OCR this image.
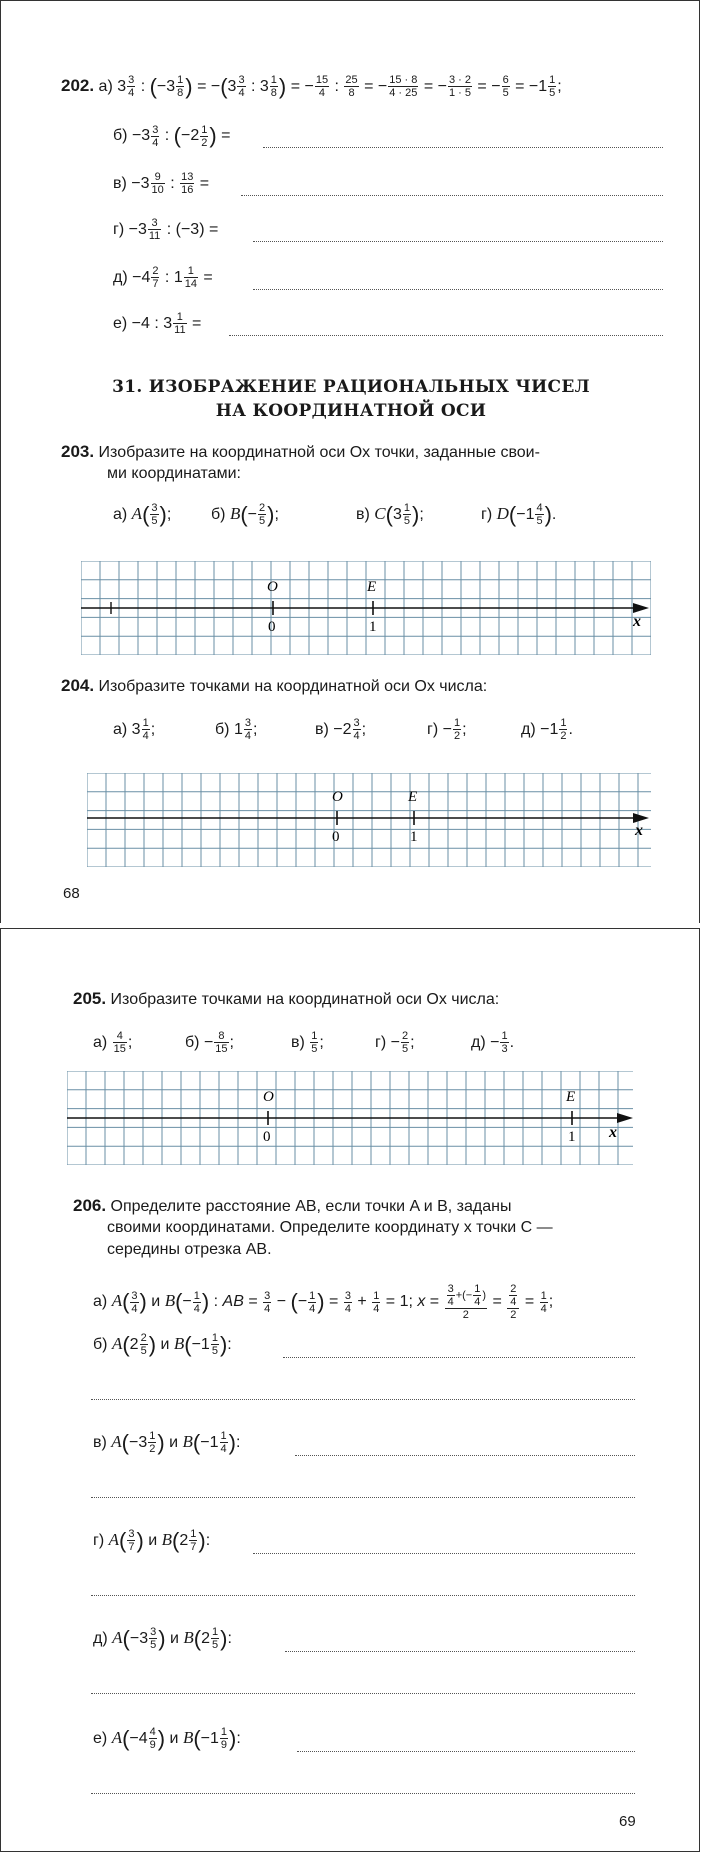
202. а) $3 \frac{3}{4}$ : ($-3 \frac{1}{8}$ ) = $-(3 \frac{3}{4}$ : $3 \frac{1}{8}$ ) = − $\frac{15}{4}$ : $\frac{25}{8}$ = − $\frac{15 \cdot 8}{4 \cdot 25}$ = − $\frac{3 \cdot 2}{1 \cdot 5}$ = − $\frac{6}{5} = -1 \frac{1}{5}$ ;
$б) -3 \frac{3}{4}$ : ($-2 \frac{1}{2}$ ) =
$в) -3 \frac{9}{10}$ : $\frac{13}{16}$ =
$г) -3 \frac{3}{11}$ : (−3) =
$д) -4 \frac{2}{7}$ : $1 \frac{1}{14}$ =
е) −4 : $3 \frac{1}{11}$ =
31. ИЗОБРАЖЕНИЕ РАЦИОНАЛЬНЫХ ЧИСЕЛ
НА КООРДИНАТНОЙ ОСИ
203. Изобразите на координатной оси Ox точки, заданные свои-
ми координатами:
а) $A( \frac{3}{5}$ ); б) $B(- \frac{2}{5}$ );	в) $C(3 \frac{1}{5}$ );	г) $D(-1 \frac{4}{5}$ ).
O
0
E
1	x
204. Изобразите точками на координатной оси Ox числа:
а) $3 \frac{1}{4}$ ;	б) $1 \frac{3}{4}$ ;	$в) -2 \frac{3}{4}$ ;	$г) - \frac{1}{2}$ ;	$д) -1 \frac{1}{2}$ .
O
0
E
1	x
68
205. Изобразите точками на координатной оси Ox числа:
$а) \frac{4}{15}$ ;	$б) - \frac{8}{15}$ ;	$в) \frac{1}{5}$ ;	$г) - \frac{2}{5}$ ;	$д) - \frac{1}{3}$ .
O
0
E
1 x
206. Определите расстояние AB, если точки A и B, заданы
своими координатами. Определите координату x точки C —
середины отрезка AB.
а) $A( \frac{3}{4}$ ) и $B(- \frac{1}{4}$ ) : AB = $\frac{3}{4}$ − (− $\frac{1}{4}$ ) = $\frac{3}{4} + \frac{1}{4} = 1$; $x = \frac{\frac{3}{4} +(- \frac{1}{4} )}{2} = \frac{\frac{2}{4}}{2} = \frac{1}{4}$ ;
б) $A(2 \frac{2}{5}$ ) и $B(-1 \frac{1}{5}$ ):
в) $A(-3 \frac{1}{2}$ ) и $B(-1 \frac{1}{4}$ ):
г) $A( \frac{3}{7}$ ) и $B(2 \frac{1}{7}$ ):
д) $A(-3 \frac{3}{5}$ ) и $B(2 \frac{1}{5}$ ):
е) $A(-4 \frac{4}{9}$ ) и $B(-1 \frac{1}{9}$ ):
69
